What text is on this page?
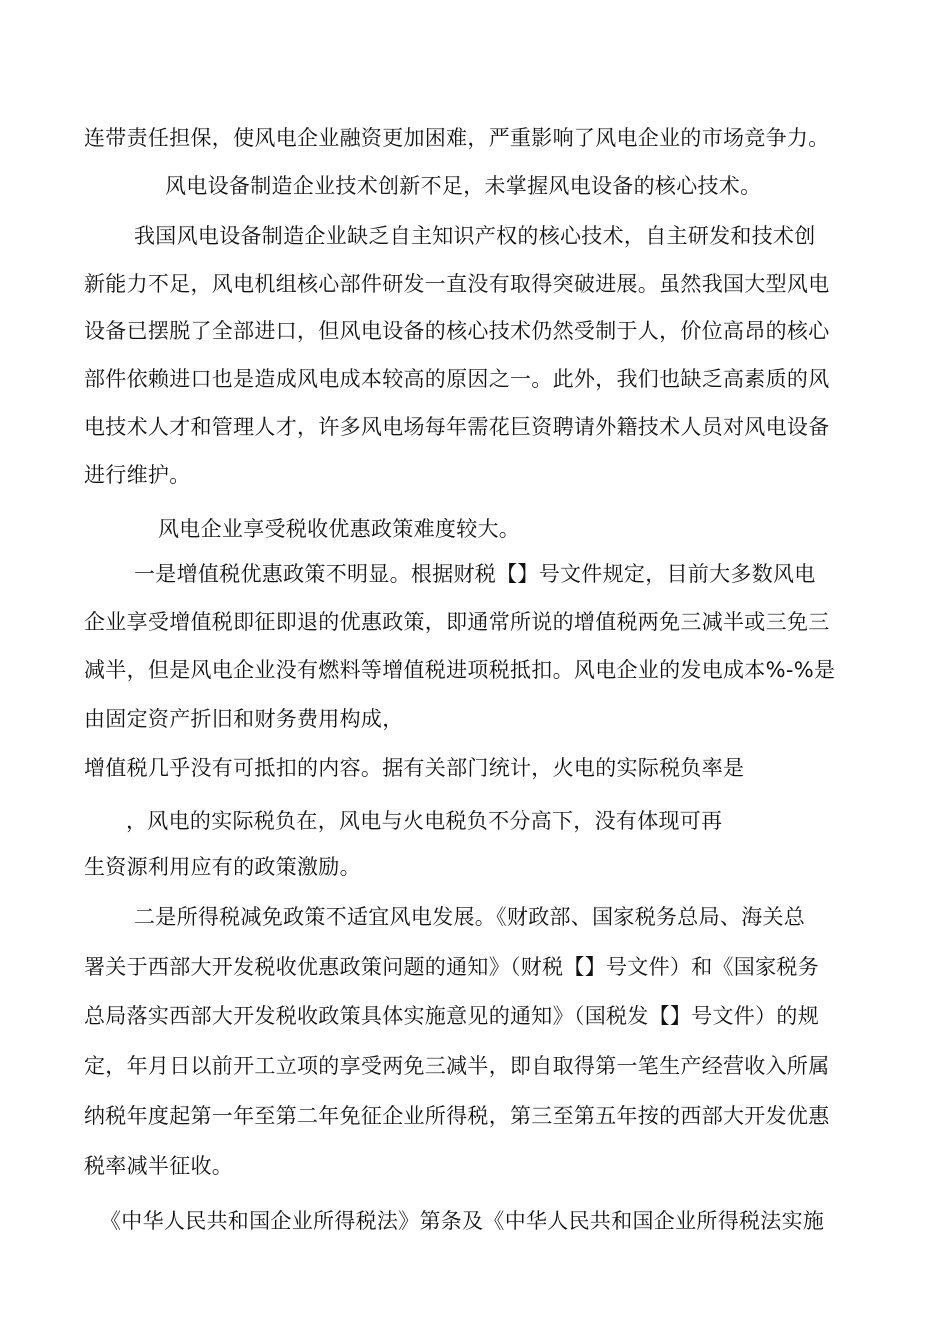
连带责任担保，使风电企业融资更加困难，严重影响了风电企业的市场竞争力。
风电设备制造企业技术创新不足，未掌握风电设备的核心技术。
我国风电设备制造企业缺乏自主知识产权的核心技术，自主研发和技术创
新能力不足，风电机组核心部件研发一直没有取得突破进展。虽然我国大型风电
设备已摆脱了全部进口，但风电设备的核心技术仍然受制于人，价位高昂的核心
部件依赖进口也是造成风电成本较高的原因之一。此外，我们也缺乏高素质的风
电技术人才和管理人才，许多风电场每年需花巨资聘请外籍技术人员对风电设备
进行维护。
风电企业享受税收优惠政策难度较大。
一是增值税优惠政策不明显。根据财税【】号文件规定，目前大多数风电
企业享受增值税即征即退的优惠政策，即通常所说的增值税两免三减半或三免三
减半，但是风电企业没有燃料等增值税进项税抵扣。风电企业的发电成本%-%是
由固定资产折旧和财务费用构成，
增值税几乎没有可抵扣的内容。据有关部门统计，火电的实际税负率是
，风电的实际税负在，风电与火电税负不分高下，没有体现可再
生资源利用应有的政策激励。
二是所得税减免政策不适宜风电发展。《财政部、国家税务总局、海关总
署关于西部大开发税收优惠政策问题的通知》（财税【】号文件）和《国家税务
总局落实西部大开发税收政策具体实施意见的通知》（国税发【】号文件）的规
定，年月日以前开工立项的享受两免三减半，即自取得第一笔生产经营收入所属
纳税年度起第一年至第二年免征企业所得税，第三至第五年按的西部大开发优惠
税率减半征收。
《中华人民共和国企业所得税法》第条及《中华人民共和国企业所得税法实施
